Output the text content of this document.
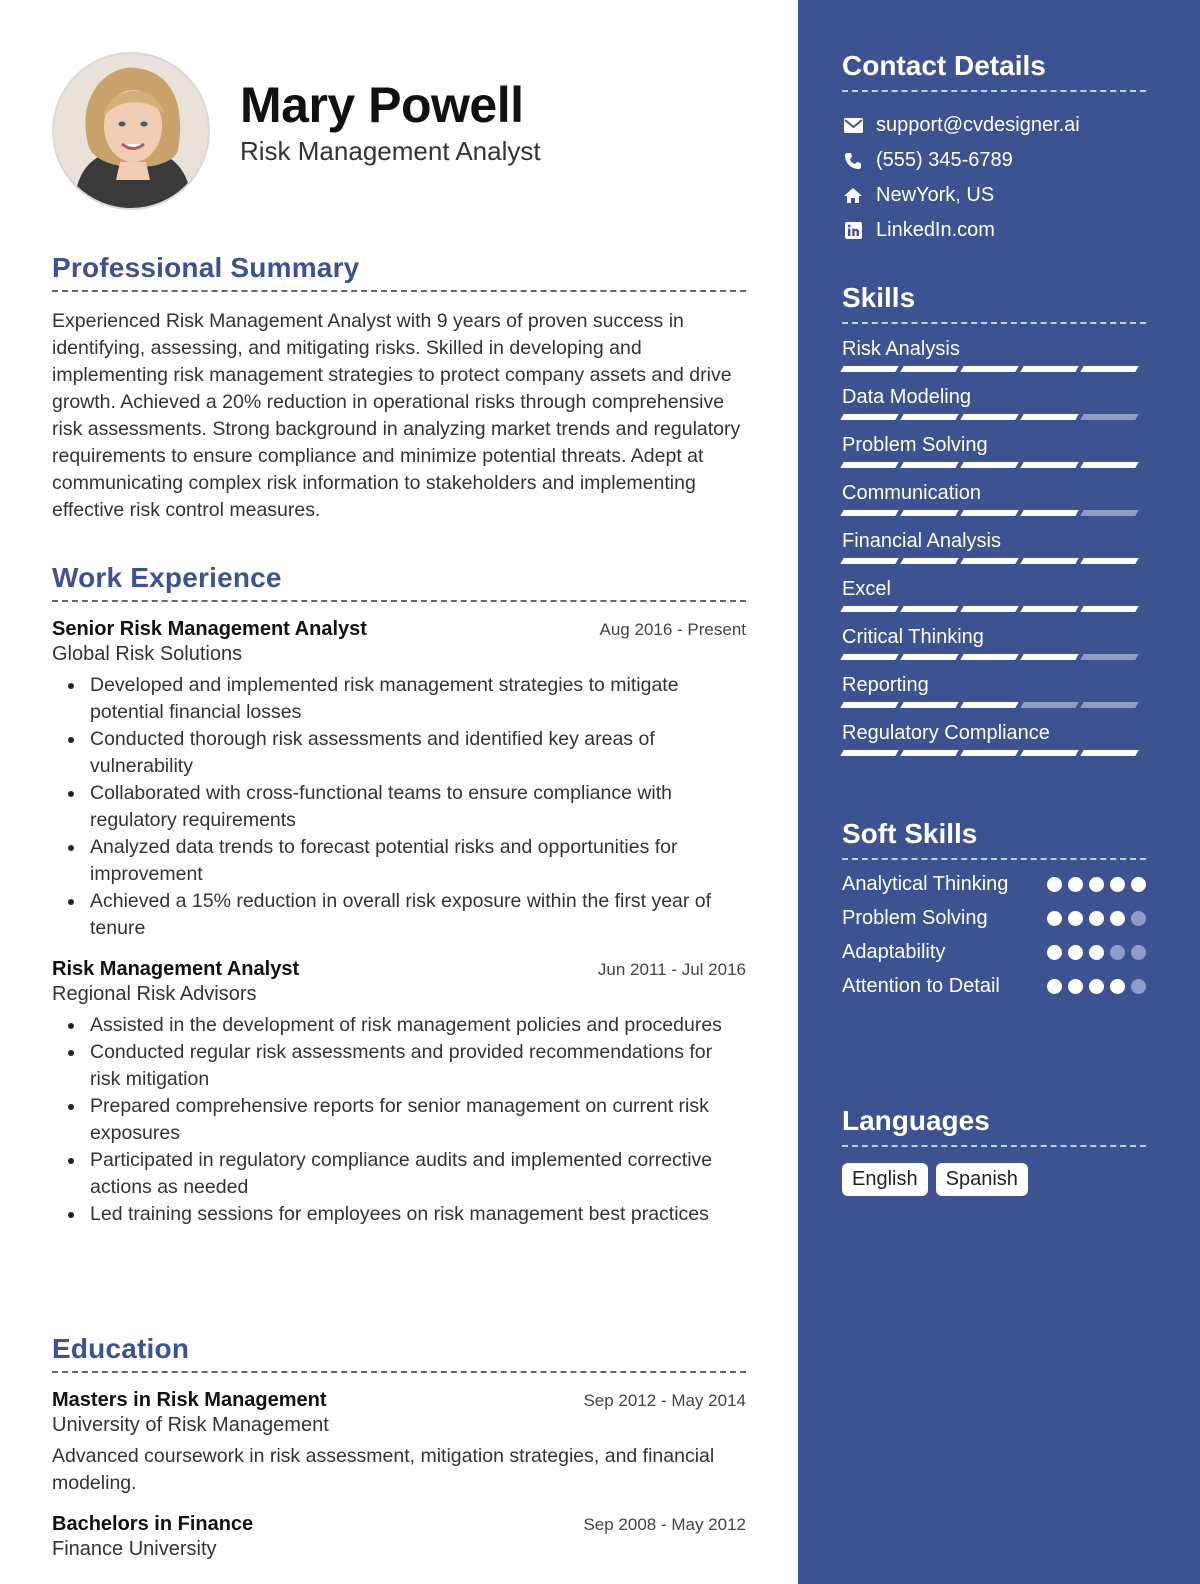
Mary Powell
Risk Management Analyst
Professional Summary
Experienced Risk Management Analyst with 9 years of proven success in identifying, assessing, and mitigating risks. Skilled in developing and implementing risk management strategies to protect company assets and drive growth. Achieved a 20% reduction in operational risks through comprehensive risk assessments. Strong background in analyzing market trends and regulatory requirements to ensure compliance and minimize potential threats. Adept at communicating complex risk information to stakeholders and implementing effective risk control measures.
Work Experience
Senior Risk Management Analyst	Aug 2016 - Present
Global Risk Solutions
Developed and implemented risk management strategies to mitigate potential financial losses
Conducted thorough risk assessments and identified key areas of vulnerability
Collaborated with cross-functional teams to ensure compliance with regulatory requirements
Analyzed data trends to forecast potential risks and opportunities for improvement
Achieved a 15% reduction in overall risk exposure within the first year of tenure
Risk Management Analyst	Jun 2011 - Jul 2016
Regional Risk Advisors
Assisted in the development of risk management policies and procedures
Conducted regular risk assessments and provided recommendations for risk mitigation
Prepared comprehensive reports for senior management on current risk exposures
Participated in regulatory compliance audits and implemented corrective actions as needed
Led training sessions for employees on risk management best practices
Education
Masters in Risk Management	Sep 2012 - May 2014
University of Risk Management
Advanced coursework in risk assessment, mitigation strategies, and financial modeling.
Bachelors in Finance	Sep 2008 - May 2012
Finance University
Contact Details
support@cvdesigner.ai
(555) 345-6789
NewYork, US
LinkedIn.com
Skills
Risk Analysis
Data Modeling
Problem Solving
Communication
Financial Analysis
Excel
Critical Thinking
Reporting
Regulatory Compliance
Soft Skills
Analytical Thinking
Problem Solving
Adaptability
Attention to Detail
Languages
English	Spanish
